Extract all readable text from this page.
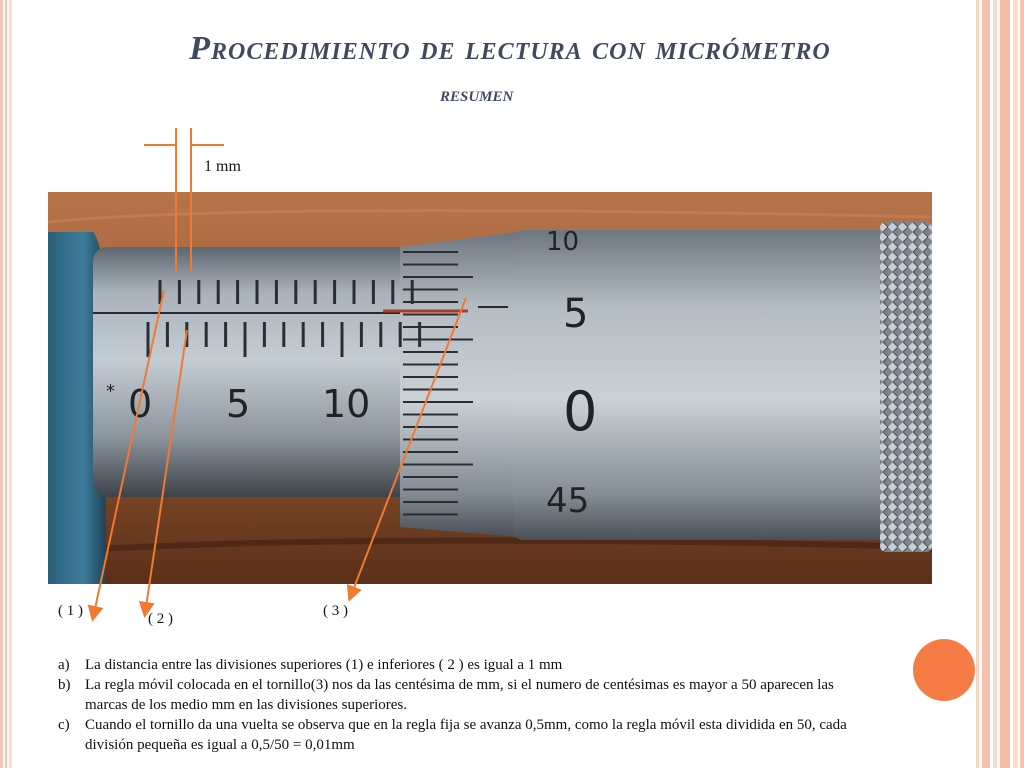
Procedimiento de lectura con micrómetro
resumen
0 5 10
*
10
5
0
45
1 mm
( 1 )	( 2 )	( 3 )
a) La distancia entre las divisiones superiores (1) e inferiores ( 2 ) es igual a 1 mm
b) La regla móvil colocada en el tornillo(3) nos da las centésima de mm, si el numero de centésimas es mayor a 50 aparecen las marcas de los medio mm en las divisiones superiores.
c) Cuando el tornillo da una vuelta se observa que en la regla fija se avanza 0,5mm, como la regla móvil esta dividida en 50, cada división pequeña es igual a 0,5/50 = 0,01mm
